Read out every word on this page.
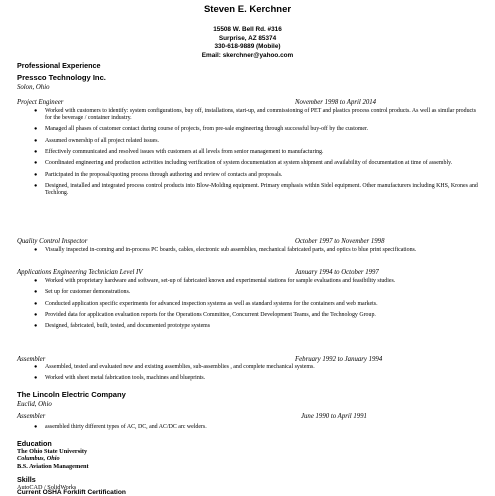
Steven E. Kerchner
15508 W. Bell Rd. #316
Surprise, AZ 85374
330-618-9889 (Mobile)
Email: skerchner@yahoo.com
Professional Experience
Pressco Technology Inc.
Solon, Ohio
Project Engineer	November 1998 to April 2014
● Worked with customers to identify: system configurations, buy off, installations, start-up, and commissioning of PET and plastics process control products. As well as similar products for the beverage / container industry.
● Managed all phases of customer contact during course of projects, from pre-sale engineering through successful buy-off by the customer.
● Assumed ownership of all project related issues.
● Effectively communicated and resolved issues with customers at all levels from senior management to manufacturing.
● Coordinated engineering and production activities including verification of system documentation at system shipment and availability of documentation at time of assembly.
● Participated in the proposal/quoting process through authoring and review of contacts and proposals.
● Designed, installed and integrated process control products into Blow-Molding equipment. Primary emphasis within Sidel equipment. Other manufacturers including KHS, Krones and Techlong.
Quality Control Inspector	October 1997 to November 1998
● Visually inspected in-coming and in-process PC boards, cables, electronic sub assemblies, mechanical fabricated parts, and optics to blue print specifications.
Applications Engineering Technician Level IV	January 1994 to October 1997
● Worked with proprietary hardware and software, set-up of fabricated known and experimental stations for sample evaluations and feasibility studies.
● Set up for customer demonstrations.
● Conducted application specific experiments for advanced inspection systems as well as standard systems for the containers and web markets.
● Provided data for application evaluation reports for the Operations Committee, Concurrent Development Teams, and the Technology Group.
● Designed, fabricated, built, tested, and documented prototype systems
Assembler	February 1992 to January 1994
● Assembled, tested and evaluated new and existing assemblies, sub-assemblies , and complete mechanical systems.
● Worked with sheet metal fabrication tools, machines and blueprints.
The Lincoln Electric Company
Euclid, Ohio
Assembler	June 1990 to April 1991
● assembled thirty different types of AC, DC, and AC/DC arc welders.
Education
The Ohio State University
Columbus, Ohio
B.S. Aviation Management
Skills
AutoCAD / SolidWorks
Current OSHA Forklift Certification
